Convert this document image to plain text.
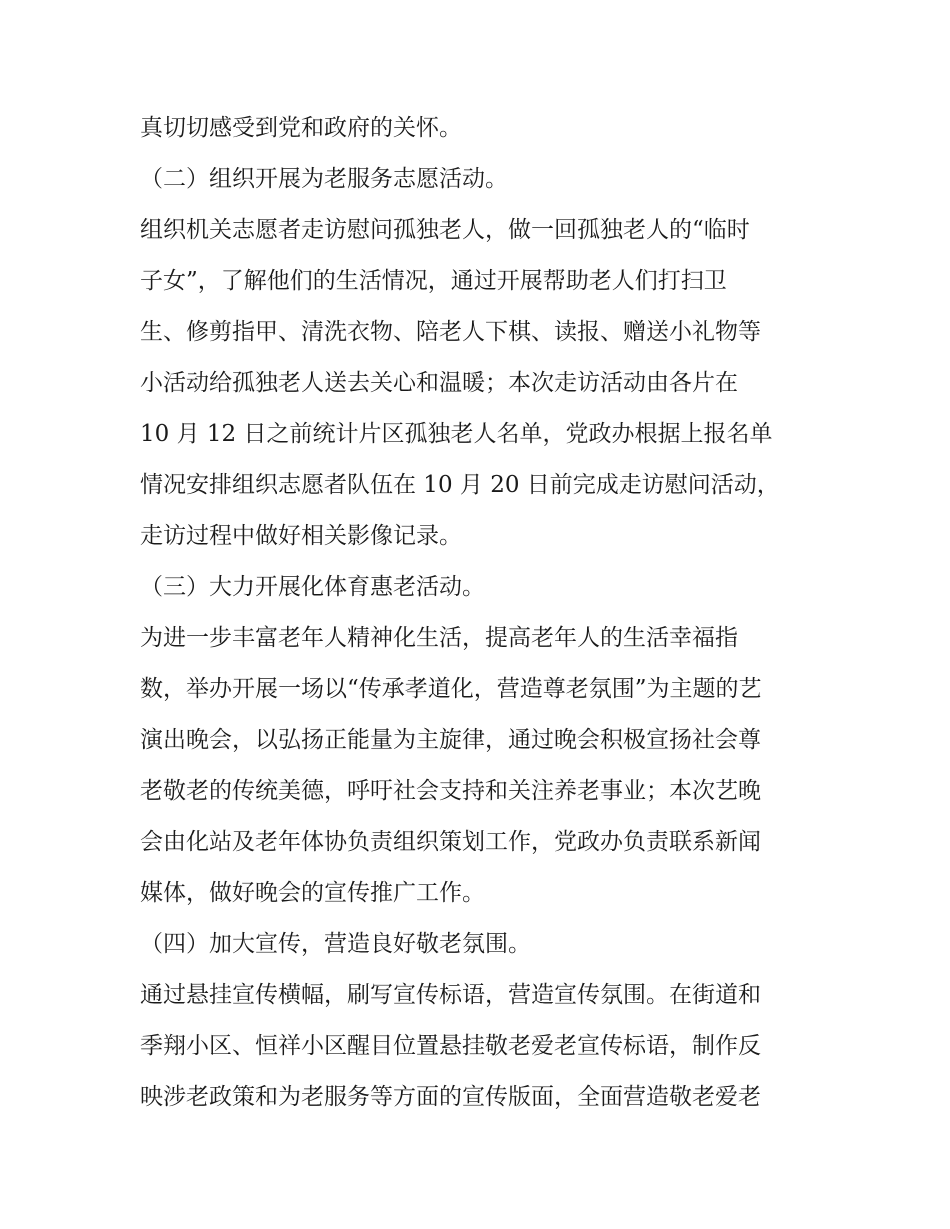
真切切感受到党和政府的关怀。
（二）组织开展为老服务志愿活动。
组织机关志愿者走访慰问孤独老人，做一回孤独老人的“临时
子女”，了解他们的生活情况，通过开展帮助老人们打扫卫
生、修剪指甲、清洗衣物、陪老人下棋、读报、赠送小礼物等
小活动给孤独老人送去关心和温暖；本次走访活动由各片在
10 月 12 日之前统计片区孤独老人名单，党政办根据上报名单
情况安排组织志愿者队伍在 10 月 20 日前完成走访慰问活动，
走访过程中做好相关影像记录。
（三）大力开展化体育惠老活动。
为进一步丰富老年人精神化生活，提高老年人的生活幸福指
数，举办开展一场以“传承孝道化，营造尊老氛围”为主题的艺
演出晚会，以弘扬正能量为主旋律，通过晚会积极宣扬社会尊
老敬老的传统美德，呼吁社会支持和关注养老事业；本次艺晚
会由化站及老年体协负责组织策划工作，党政办负责联系新闻
媒体，做好晚会的宣传推广工作。
（四）加大宣传，营造良好敬老氛围。
通过悬挂宣传横幅，刷写宣传标语，营造宣传氛围。在街道和
季翔小区、恒祥小区醒目位置悬挂敬老爱老宣传标语，制作反
映涉老政策和为老服务等方面的宣传版面，全面营造敬老爱老
